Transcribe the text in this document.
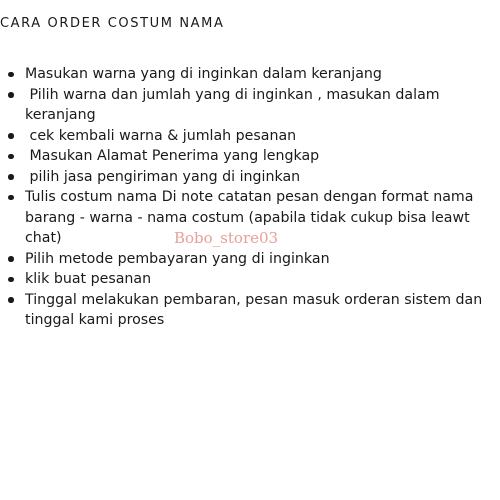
CARA ORDER COSTUM NAMA
Masukan warna yang di inginkan dalam keranjang
Pilih warna dan jumlah yang di inginkan , masukan dalam keranjang
cek kembali warna & jumlah pesanan
Masukan Alamat Penerima yang lengkap
pilih jasa pengiriman yang di inginkan
Tulis costum nama Di note catatan pesan dengan format nama barang - warna - nama costum (apabila tidak cukup bisa leawt chat)
Pilih metode pembayaran yang di inginkan
klik buat pesanan
Tinggal melakukan pembaran, pesan masuk orderan sistem dan tinggal kami proses
Bobo_store03
